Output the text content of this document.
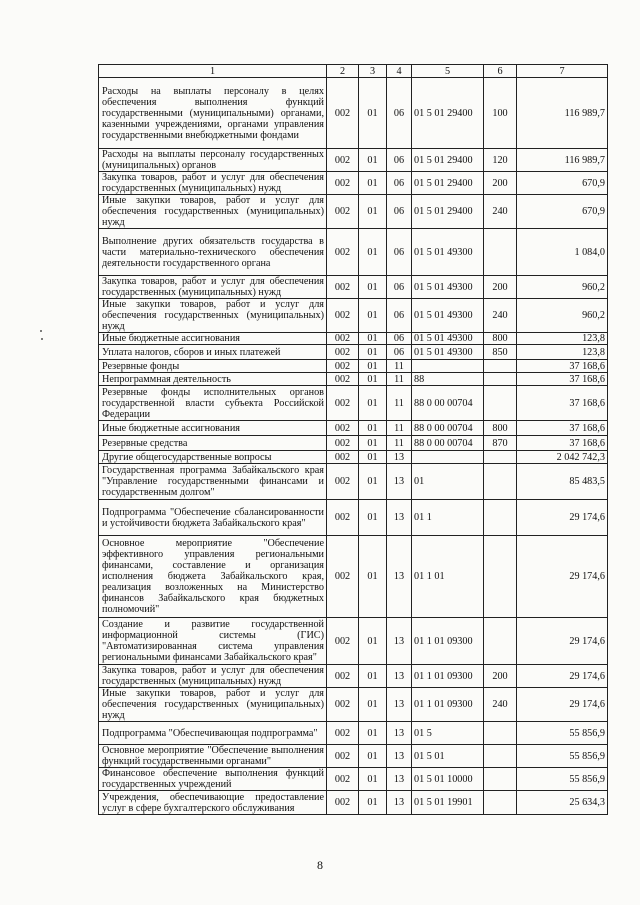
1	2	3	4	5	6	7
Расходы на выплаты персоналу в целях обеспечения выполнения функций государственными (муниципальными) органами, казенными учреждениями, органами управления государственными внебюджетными фондами	002	01	06	01 5 01 29400	100	116 989,7
Расходы на выплаты персоналу государственных (муниципальных) органов	002	01	06	01 5 01 29400	120	116 989,7
Закупка товаров, работ и услуг для обеспечения государственных (муниципальных) нужд	002	01	06	01 5 01 29400	200	670,9
Иные закупки товаров, работ и услуг для обеспечения государственных (муниципальных) нужд	002	01	06	01 5 01 29400	240	670,9
Выполнение других обязательств государства в части материально-технического обеспечения деятельности государственного органа	002	01	06	01 5 01 49300		1 084,0
Закупка товаров, работ и услуг для обеспечения государственных (муниципальных) нужд	002	01	06	01 5 01 49300	200	960,2
Иные закупки товаров, работ и услуг для обеспечения государственных (муниципальных) нужд	002	01	06	01 5 01 49300	240	960,2
Иные бюджетные ассигнования	002	01	06	01 5 01 49300	800	123,8
Уплата налогов, сборов и иных платежей	002	01	06	01 5 01 49300	850	123,8
Резервные фонды	002	01	11			37 168,6
Непрограммная деятельность	002	01	11	88		37 168,6
Резервные фонды исполнительных органов государственной власти субъекта Российской Федерации	002	01	11	88 0 00 00704		37 168,6
Иные бюджетные ассигнования	002	01	11	88 0 00 00704	800	37 168,6
Резервные средства	002	01	11	88 0 00 00704	870	37 168,6
Другие общегосударственные вопросы	002	01	13			2 042 742,3
Государственная программа Забайкальского края "Управление государственными финансами и государственным долгом"	002	01	13	01		85 483,5
Подпрограмма "Обеспечение сбалансированности и устойчивости бюджета Забайкальского края"	002	01	13	01 1		29 174,6
Основное мероприятие "Обеспечение эффективного управления региональными финансами, составление и организация исполнения бюджета Забайкальского края, реализация возложенных на Министерство финансов Забайкальского края бюджетных полномочий"	002	01	13	01 1 01		29 174,6
Создание и развитие государственной информационной системы (ГИС) "Автоматизированная система управления региональными финансами Забайкальского края"	002	01	13	01 1 01 09300		29 174,6
Закупка товаров, работ и услуг для обеспечения государственных (муниципальных) нужд	002	01	13	01 1 01 09300	200	29 174,6
Иные закупки товаров, работ и услуг для обеспечения государственных (муниципальных) нужд	002	01	13	01 1 01 09300	240	29 174,6
Подпрограмма "Обеспечивающая подпрограмма"	002	01	13	01 5		55 856,9
Основное мероприятие "Обеспечение выполнения функций государственными органами"	002	01	13	01 5 01		55 856,9
Финансовое обеспечение выполнения функций государственных учреждений	002	01	13	01 5 01 10000		55 856,9
Учреждения, обеспечивающие предоставление услуг в сфере бухгалтерского обслуживания	002	01	13	01 5 01 19901		25 634,3
8
